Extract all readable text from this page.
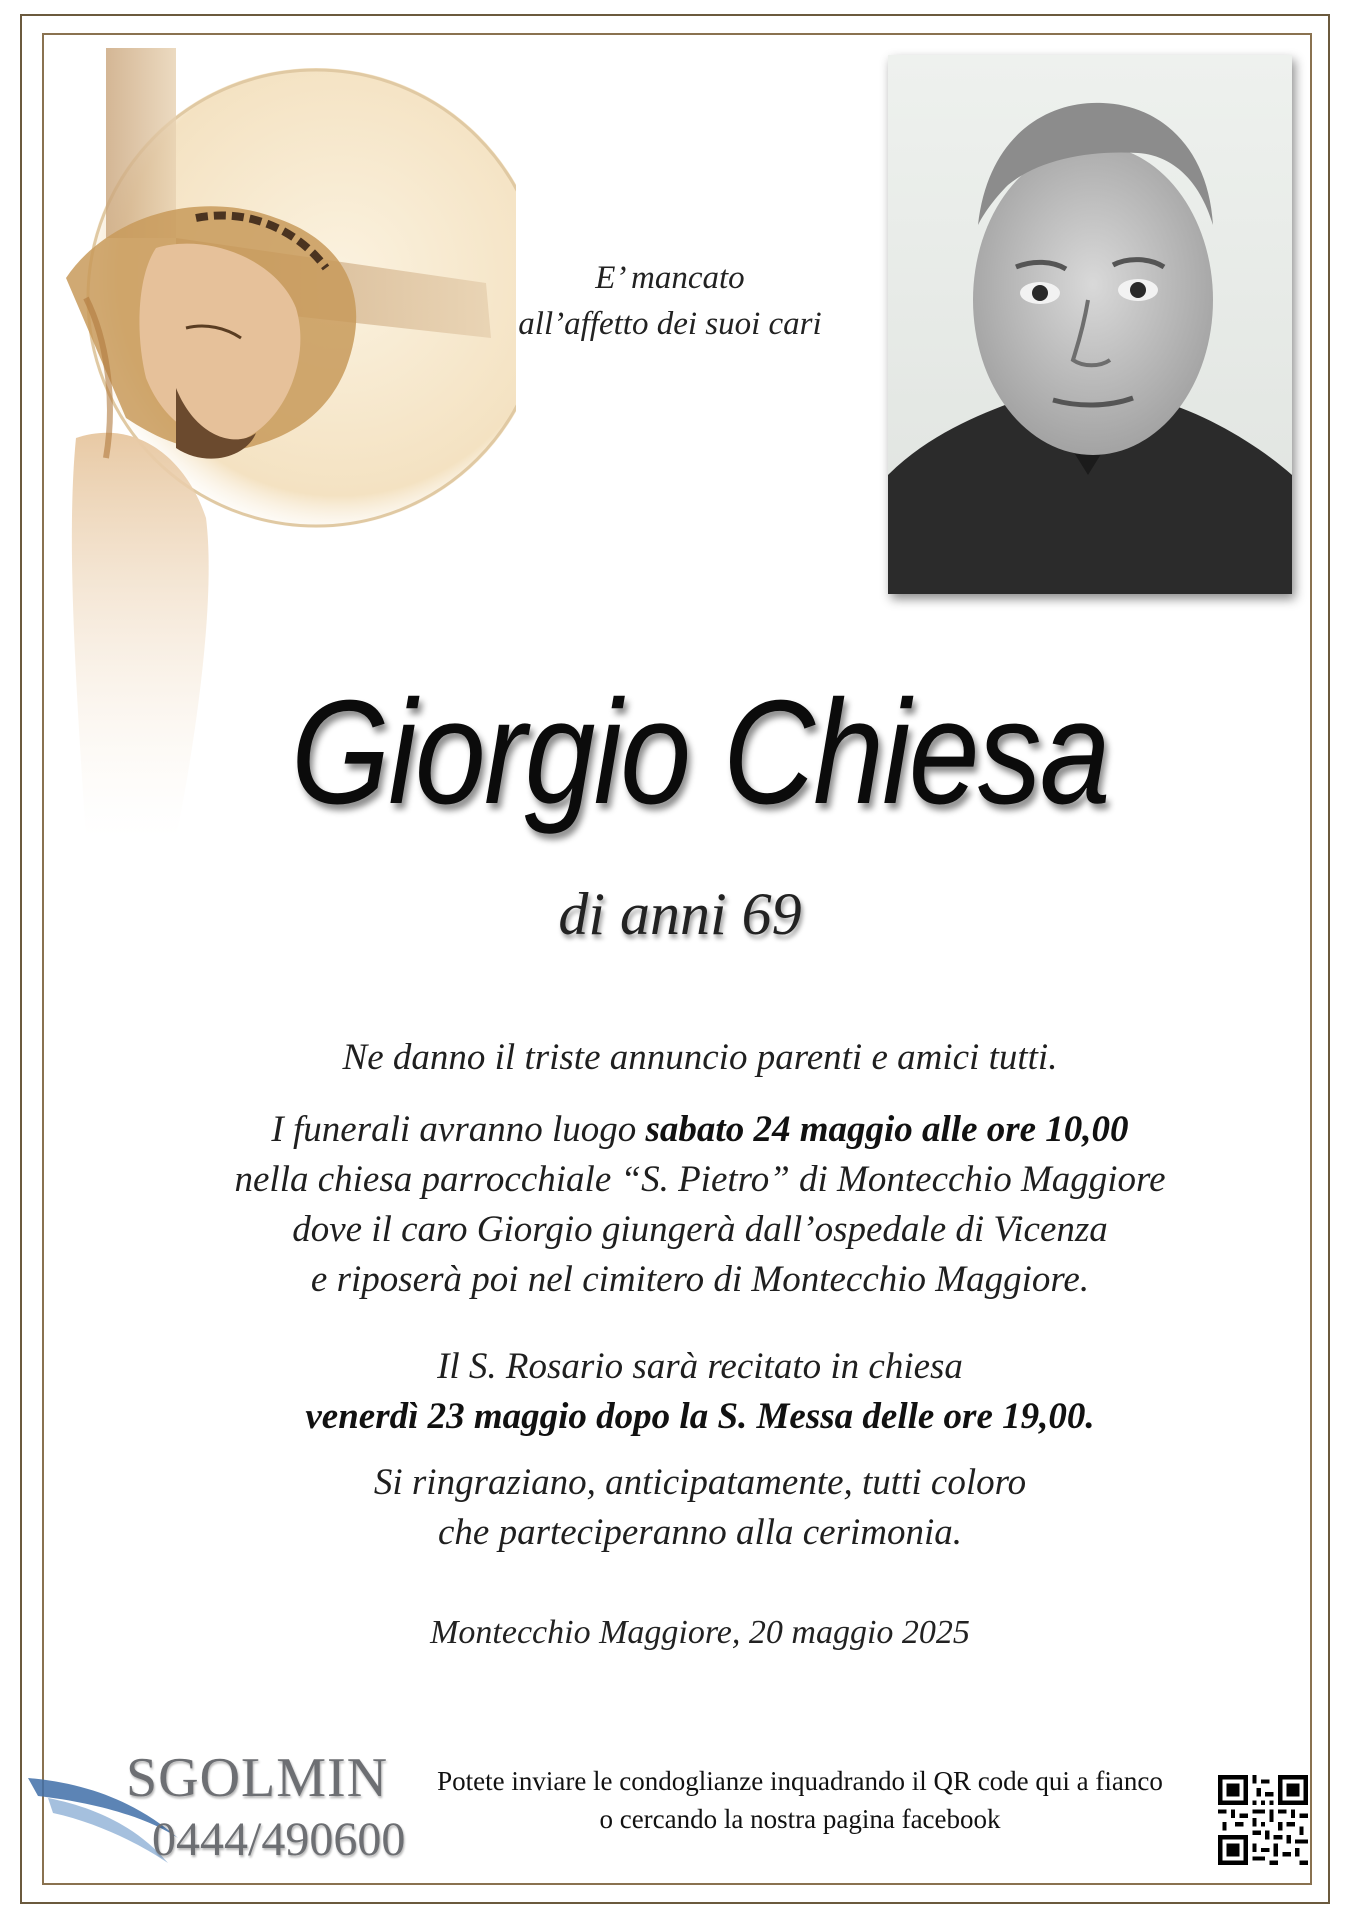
E’ mancato
all’affetto dei suoi cari
Giorgio Chiesa
di anni 69
Ne danno il triste annuncio parenti e amici tutti.
I funerali avranno luogo sabato 24 maggio alle ore 10,00
nella chiesa parrocchiale “S. Pietro” di Montecchio Maggiore
dove il caro Giorgio giungerà dall’ospedale di Vicenza
e riposerà poi nel cimitero di Montecchio Maggiore.
Il S. Rosario sarà recitato in chiesa
venerdì 23 maggio dopo la S. Messa delle ore 19,00.
Si ringraziano, anticipatamente, tutti coloro
che parteciperanno alla cerimonia.
Montecchio Maggiore, 20 maggio 2025
SGOLMIN
0444/490600
Potete inviare le condoglianze inquadrando il QR code qui a fianco
o cercando la nostra pagina facebook
